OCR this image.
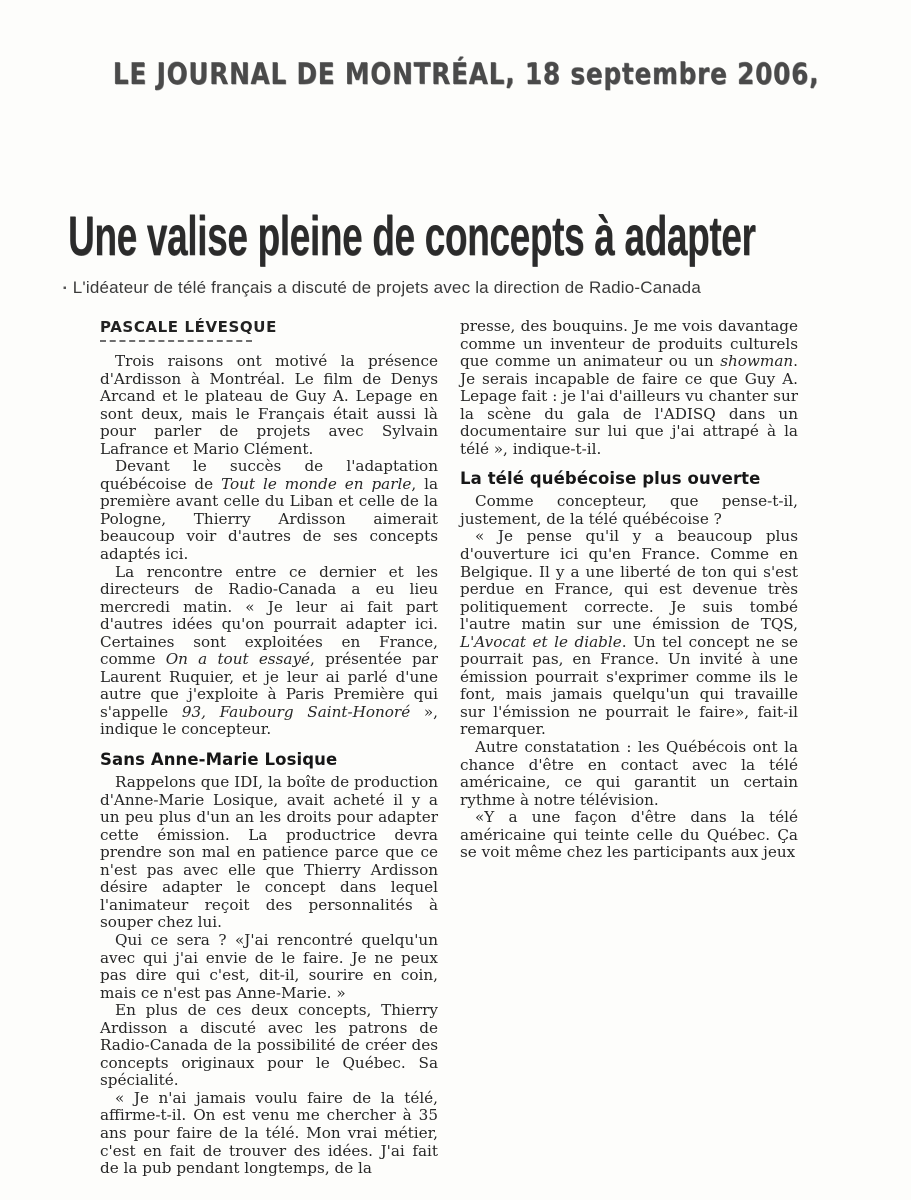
LE JOURNAL DE MONTRÉAL, 18 septembre 2006,
Une valise pleine de concepts à adapter
▪ L'idéateur de télé français a discuté de projets avec la direction de Radio-Canada
PASCALE LÉVESQUE

Trois raisons ont motivé la présence d'Ardisson à Montréal. Le film de Denys Arcand et le plateau de Guy A. Lepage en sont deux, mais le Français était aussi là pour parler de projets avec Sylvain Lafrance et Mario Clément.

Devant le succès de l'adaptation québécoise de Tout le monde en parle, la première avant celle du Liban et celle de la Pologne, Thierry Ardisson aimerait beaucoup voir d'autres de ses concepts adaptés ici.

La rencontre entre ce dernier et les directeurs de Radio-Canada a eu lieu mercredi matin. « Je leur ai fait part d'autres idées qu'on pourrait adapter ici. Certaines sont exploitées en France, comme On a tout essayé, présentée par Laurent Ruquier, et je leur ai parlé d'une autre que j'exploite à Paris Première qui s'appelle 93, Faubourg Saint-Honoré », indique le concepteur.

Sans Anne-Marie Losique

Rappelons que IDI, la boîte de production d'Anne-Marie Losique, avait acheté il y a un peu plus d'un an les droits pour adapter cette émission. La productrice devra prendre son mal en patience parce que ce n'est pas avec elle que Thierry Ardisson désire adapter le concept dans lequel l'animateur reçoit des personnalités à souper chez lui.

Qui ce sera ? «J'ai rencontré quelqu'un avec qui j'ai envie de le faire. Je ne peux pas dire qui c'est, dit-il, sourire en coin, mais ce n'est pas Anne-Marie. »

En plus de ces deux concepts, Thierry Ardisson a discuté avec les patrons de Radio-Canada de la possibilité de créer des concepts originaux pour le Québec. Sa spécialité.

« Je n'ai jamais voulu faire de la télé, affirme-t-il. On est venu me chercher à 35 ans pour faire de la télé. Mon vrai métier, c'est en fait de trouver des idées. J'ai fait de la pub pendant longtemps, de la

presse, des bouquins. Je me vois davantage comme un inventeur de produits culturels que comme un animateur ou un showman. Je serais incapable de faire ce que Guy A. Lepage fait : je l'ai d'ailleurs vu chanter sur la scène du gala de l'ADISQ dans un documentaire sur lui que j'ai attrapé à la télé », indique-t-il.

La télé québécoise plus ouverte

Comme concepteur, que pense-t-il, justement, de la télé québécoise ?

« Je pense qu'il y a beaucoup plus d'ouverture ici qu'en France. Comme en Belgique. Il y a une liberté de ton qui s'est perdue en France, qui est devenue très politiquement correcte. Je suis tombé l'autre matin sur une émission de TQS, L'Avocat et le diable. Un tel concept ne se pourrait pas, en France. Un invité à une émission pourrait s'exprimer comme ils le font, mais jamais quelqu'un qui travaille sur l'émission ne pourrait le faire», fait-il remarquer.

Autre constatation : les Québécois ont la chance d'être en contact avec la télé américaine, ce qui garantit un certain rythme à notre télévision.

«Y a une façon d'être dans la télé américaine qui teinte celle du Québec. Ça se voit même chez les participants aux jeux
